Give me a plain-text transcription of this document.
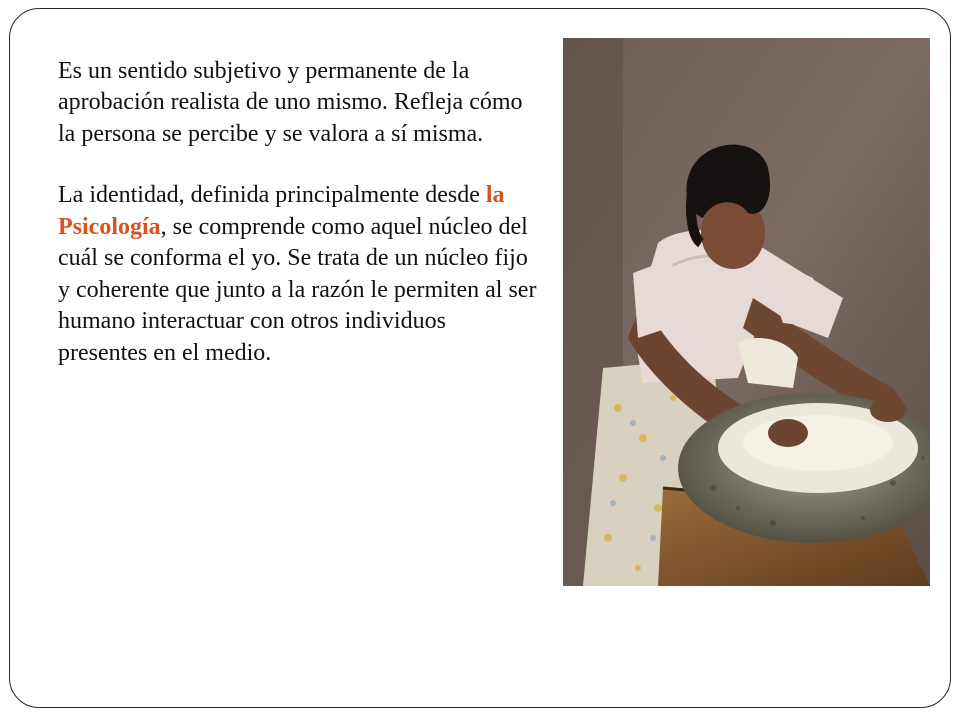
Es un sentido subjetivo y permanente de la aprobación realista de uno mismo. Refleja cómo la persona se percibe y se valora a sí misma.

La identidad, definida principalmente desde la Psicología, se comprende como aquel núcleo del cuál se conforma el yo. Se trata de un núcleo fijo y coherente que junto a la razón le permiten al ser humano interactuar con otros individuos presentes en el medio.
